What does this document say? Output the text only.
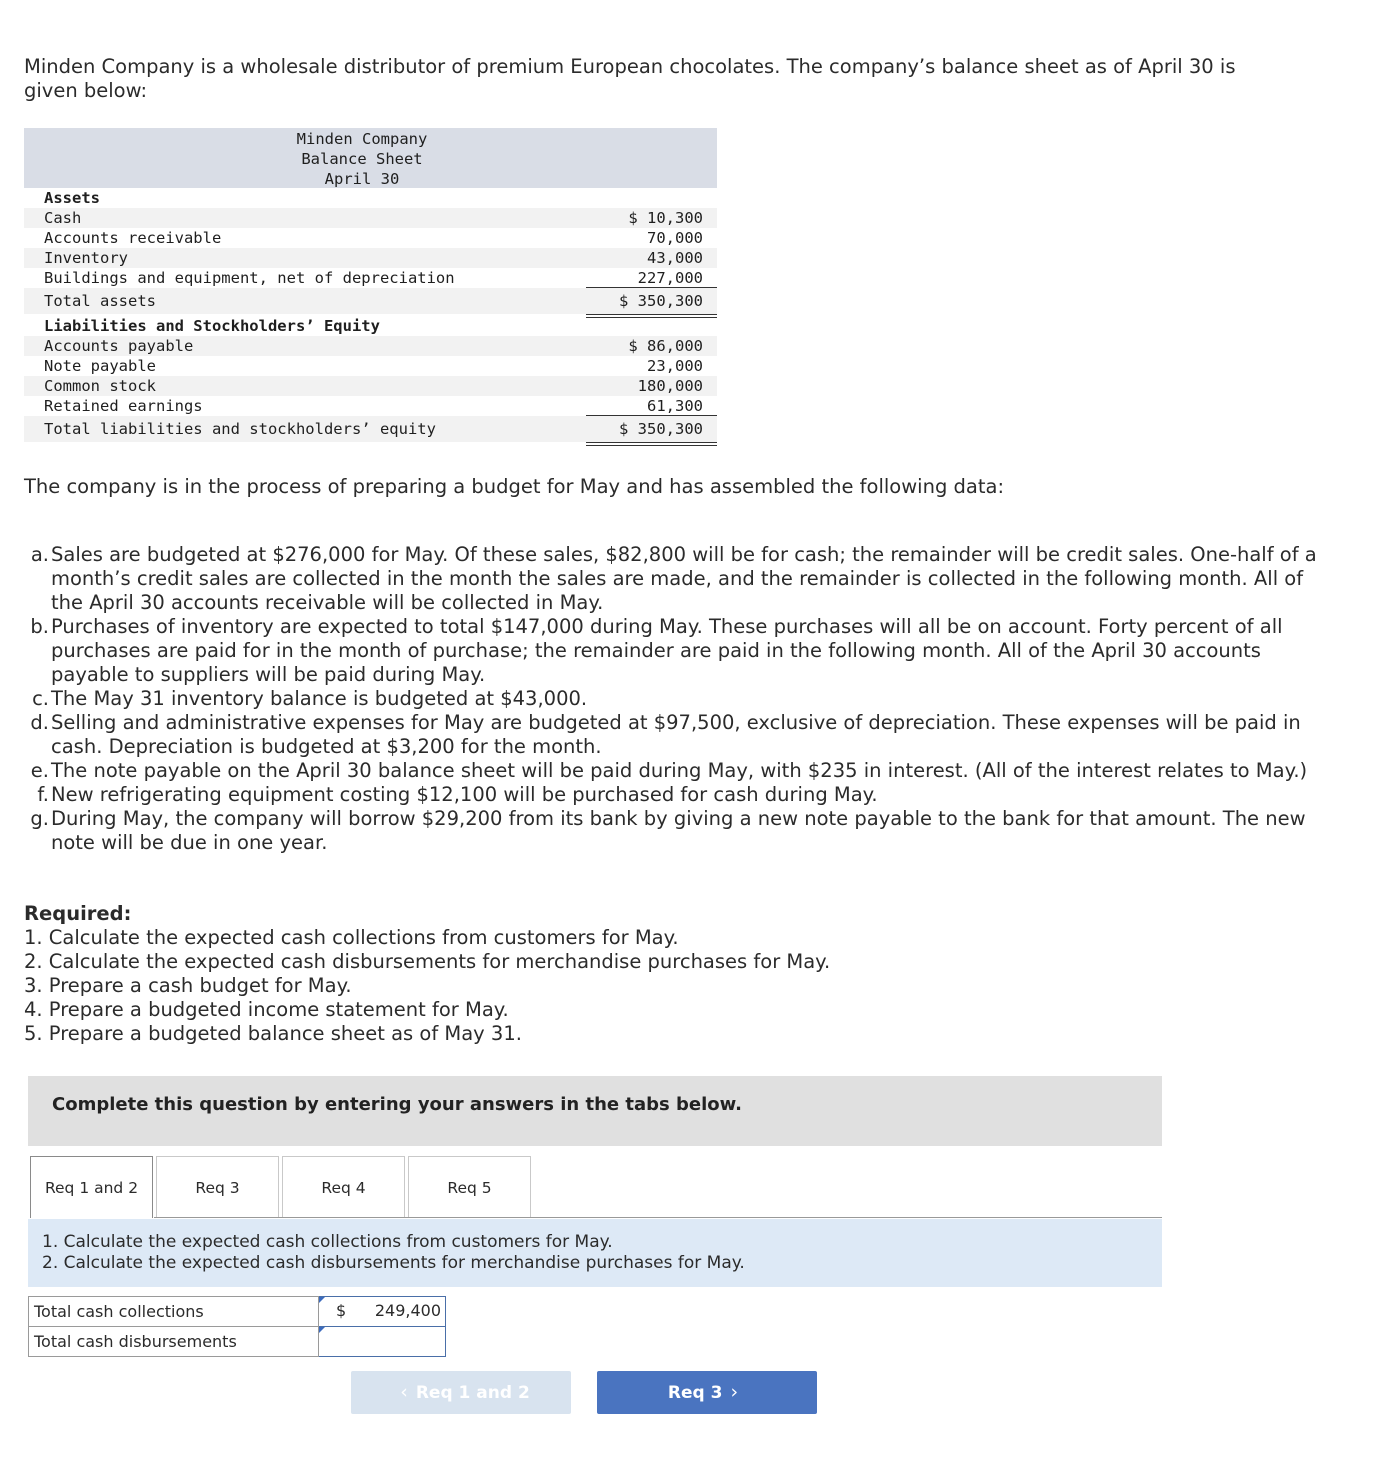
Minden Company is a wholesale distributor of premium European chocolates. The company’s balance sheet as of April 30 is given below:

Minden Company
Balance Sheet
April 30
Assets
Cash	$ 10,300
Accounts receivable	70,000
Inventory	43,000
Buildings and equipment, net of depreciation	227,000
Total assets	$ 350,300
Liabilities and Stockholders’ Equity
Accounts payable	$ 86,000
Note payable	23,000
Common stock	180,000
Retained earnings	61,300
Total liabilities and stockholders’ equity	$ 350,300

The company is in the process of preparing a budget for May and has assembled the following data:

a. Sales are budgeted at $276,000 for May. Of these sales, $82,800 will be for cash; the remainder will be credit sales. One-half of a month’s credit sales are collected in the month the sales are made, and the remainder is collected in the following month. All of the April 30 accounts receivable will be collected in May.
b. Purchases of inventory are expected to total $147,000 during May. These purchases will all be on account. Forty percent of all purchases are paid for in the month of purchase; the remainder are paid in the following month. All of the April 30 accounts payable to suppliers will be paid during May.
c. The May 31 inventory balance is budgeted at $43,000.
d. Selling and administrative expenses for May are budgeted at $97,500, exclusive of depreciation. These expenses will be paid in cash. Depreciation is budgeted at $3,200 for the month.
e. The note payable on the April 30 balance sheet will be paid during May, with $235 in interest. (All of the interest relates to May.)
f. New refrigerating equipment costing $12,100 will be purchased for cash during May.
g. During May, the company will borrow $29,200 from its bank by giving a new note payable to the bank for that amount. The new note will be due in one year.
Required:
1. Calculate the expected cash collections from customers for May.
2. Calculate the expected cash disbursements for merchandise purchases for May.
3. Prepare a cash budget for May.
4. Prepare a budgeted income statement for May.
5. Prepare a budgeted balance sheet as of May 31.
Complete this question by entering your answers in the tabs below.
Req 1 and 2	Req 3	Req 4	Req 5
1. Calculate the expected cash collections from customers for May.
2. Calculate the expected cash disbursements for merchandise purchases for May.
Total cash collections	$ 249,400

Total cash disbursements	
‹ Req 1 and 2	Req 3 ›
